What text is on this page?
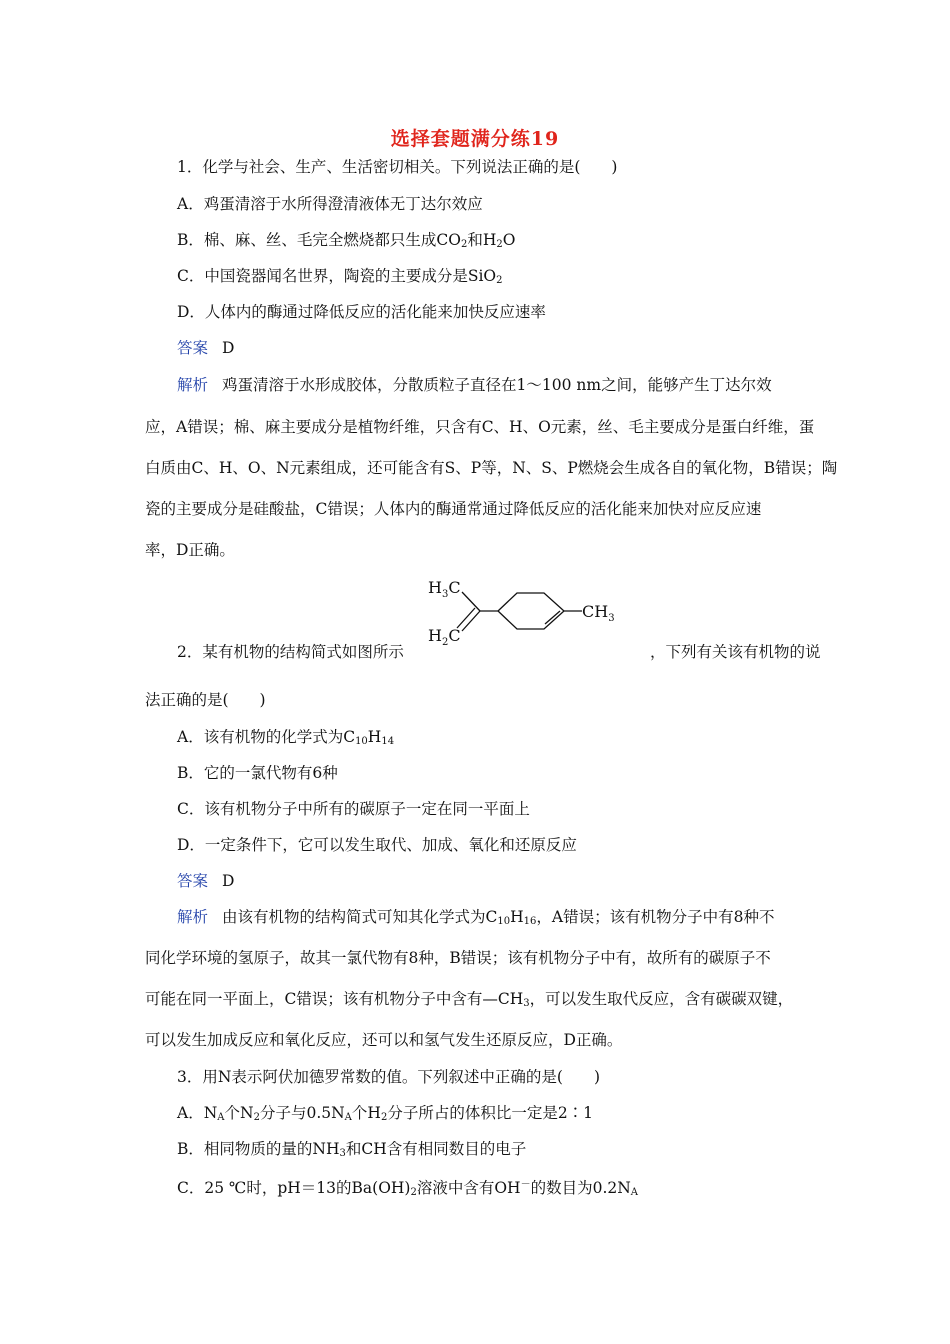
选择套题满分练19
1．化学与社会、生产、生活密切相关。下列说法正确的是(　　)
A．鸡蛋清溶于水所得澄清液体无丁达尔效应
B．棉、麻、丝、毛完全燃烧都只生成$CO_2$和$H_2O$
C．中国瓷器闻名世界，陶瓷的主要成分是SiO$_2$
D．人体内的酶通过降低反应的活化能来加快反应速率
答案 D
解析 鸡蛋清溶于水形成胶体，分散质粒子直径在1～100 nm之间，能够产生丁达尔效
应，A错误；棉、麻主要成分是植物纤维，只含有C、H、O元素，丝、毛主要成分是蛋白纤维，蛋
白质由C、H、O、N元素组成，还可能含有S、P等，N、S、P燃烧会生成各自的氧化物，B错误；陶
瓷的主要成分是硅酸盐，C错误；人体内的酶通常通过降低反应的活化能来加快对应反应速
率，D正确。
$H_3C$
$H_2C$
$CH_3$
2．某有机物的结构简式如图所示	，下列有关该有机物的说
法正确的是(　　)
A．该有机物的化学式为$C_{10}H_{14}$
B．它的一氯代物有6种
C．该有机物分子中所有的碳原子一定在同一平面上
D．一定条件下，它可以发生取代、加成、氧化和还原反应
答案 D
解析 由该有机物的结构简式可知其化学式为$C_{10}H_{16}$，A错误；该有机物分子中有8种不
同化学环境的氢原子，故其一氯代物有8种，B错误；该有机物分子中有，故所有的碳原子不
可能在同一平面上，C错误；该有机物分子中含有$—CH_3$，可以发生取代反应，含有碳碳双键，
可以发生加成反应和氧化反应，还可以和氢气发生还原反应，D正确。
3．用N表示阿伏加德罗常数的值。下列叙述中正确的是(　　)
A．$N_A$个$N_2$分子与$0.5N_A$个$H_2$分子所占的体积比一定是2∶1
B．相同物质的量的$NH_3$和CH含有相同数目的电子
C．25 ℃时，pH＝13的$Ba(OH)_2$溶液中含有OH－的数目为$0.2N_A$
